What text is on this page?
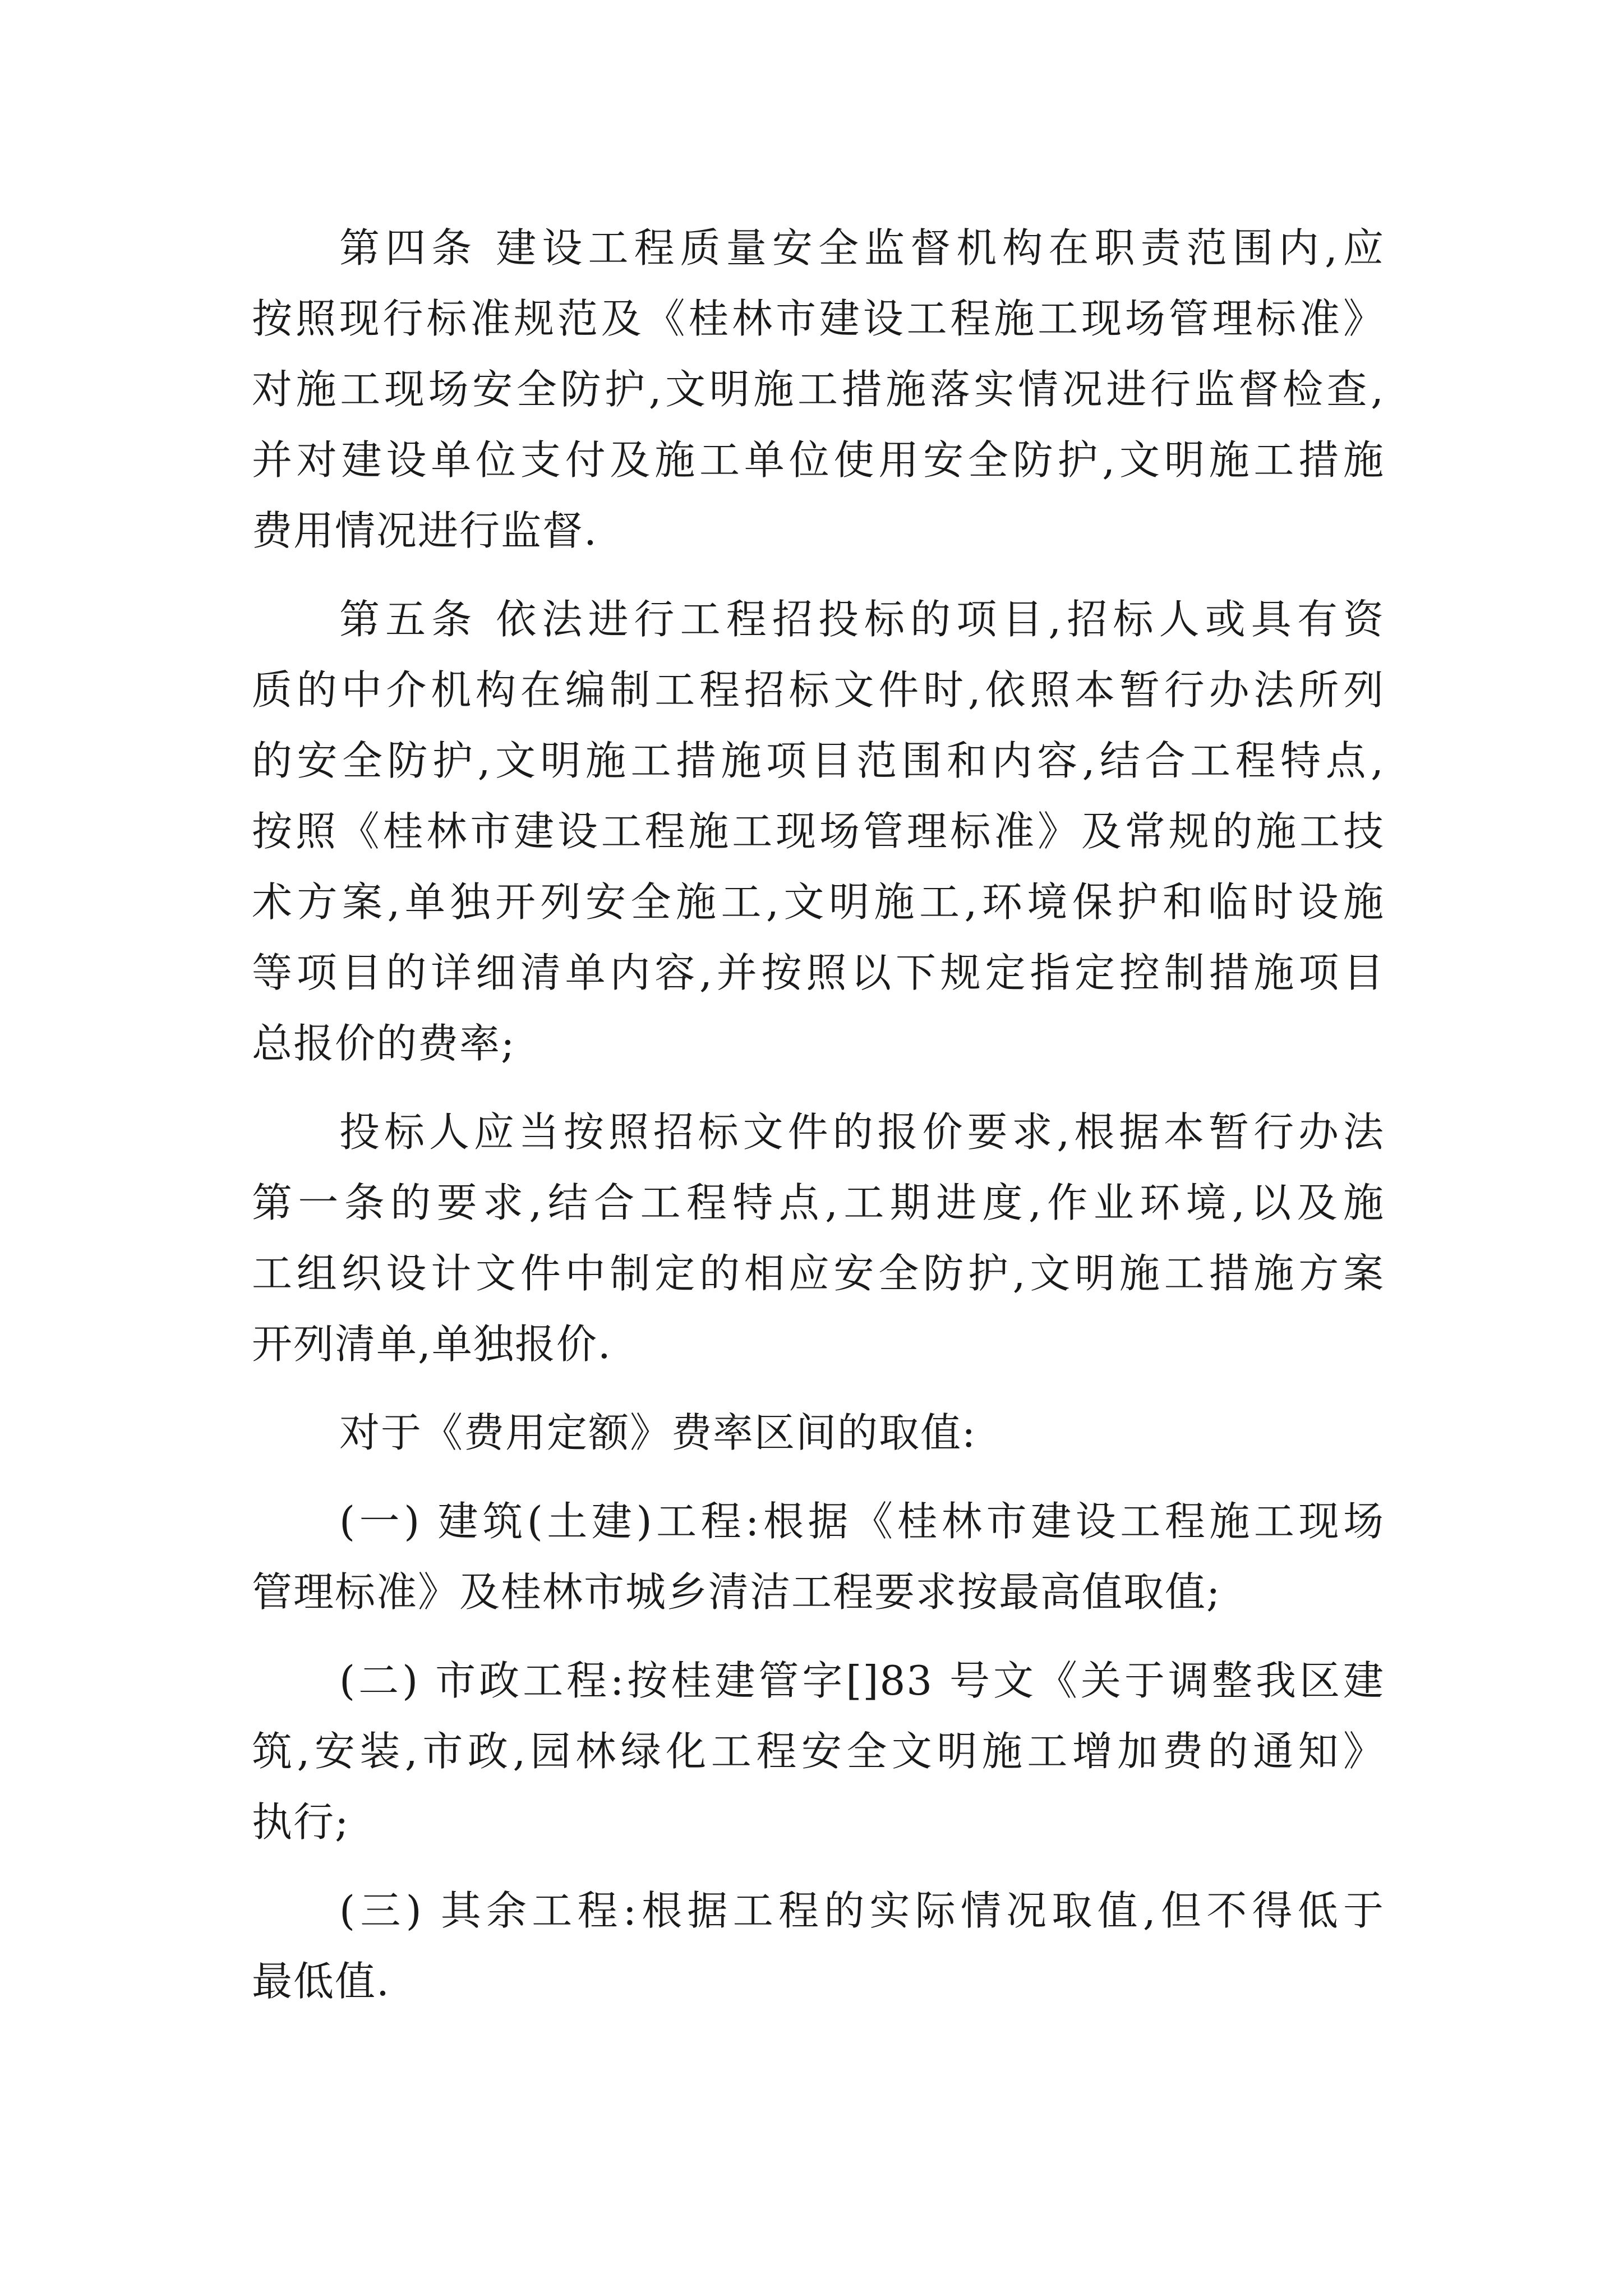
第四条 建设工程质量安全监督机构在职责范围内,应
按照现行标准规范及《桂林市建设工程施工现场管理标准》
对施工现场安全防护,文明施工措施落实情况进行监督检查,
并对建设单位支付及施工单位使用安全防护,文明施工措施
费用情况进行监督.
第五条 依法进行工程招投标的项目,招标人或具有资
质的中介机构在编制工程招标文件时,依照本暂行办法所列
的安全防护,文明施工措施项目范围和内容,结合工程特点,
按照《桂林市建设工程施工现场管理标准》及常规的施工技
术方案,单独开列安全施工,文明施工,环境保护和临时设施
等项目的详细清单内容,并按照以下规定指定控制措施项目
总报价的费率;
投标人应当按照招标文件的报价要求,根据本暂行办法
第一条的要求,结合工程特点,工期进度,作业环境,以及施
工组织设计文件中制定的相应安全防护,文明施工措施方案
开列清单,单独报价.
对于《费用定额》费率区间的取值:
(一) 建筑(土建)工程:根据《桂林市建设工程施工现场
管理标准》及桂林市城乡清洁工程要求按最高值取值;
(二) 市政工程:按桂建管字[]83 号文《关于调整我区建
筑,安装,市政,园林绿化工程安全文明施工增加费的通知》
执行;
(三) 其余工程:根据工程的实际情况取值,但不得低于
最低值.
